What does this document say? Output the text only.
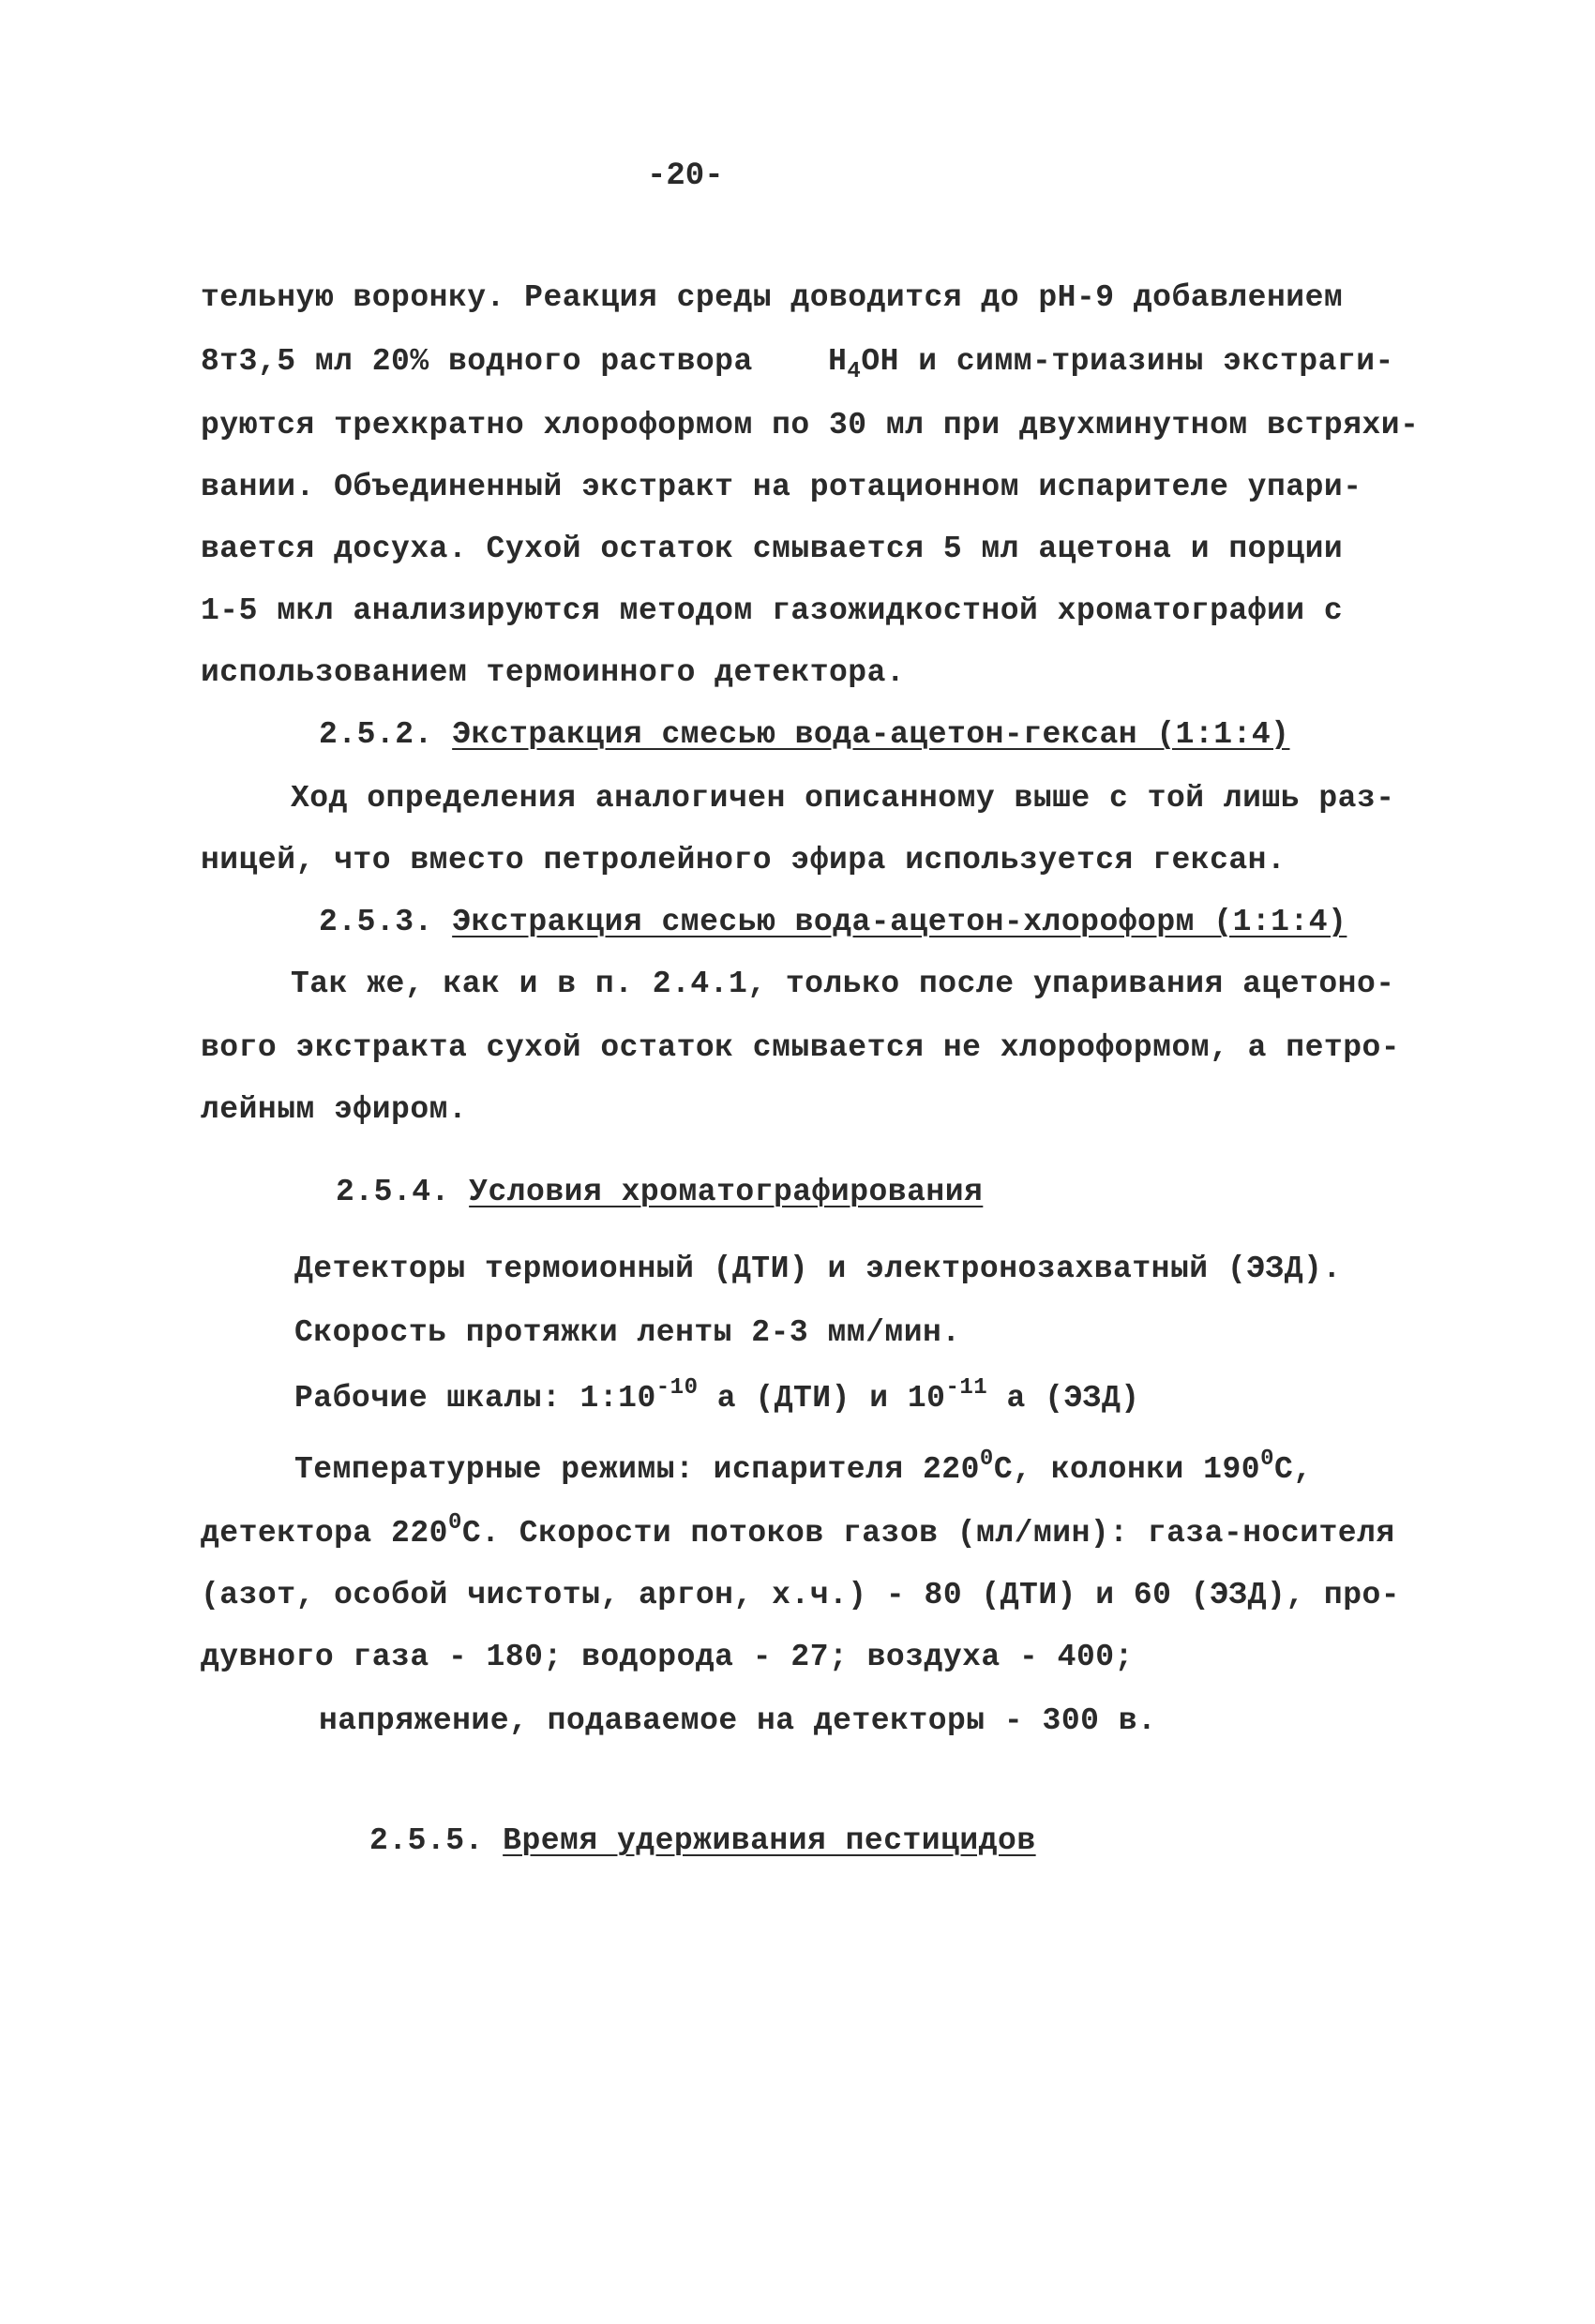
-20-
тельную воронку. Реакция среды доводится до pH-9 добавлением
8т3,5 мл 20% водного раствора $H_4OH$ и симм-триазины экстраги-
руются трехкратно хлороформом по 30 мл при двухминутном встряхи-
вании. Объединенный экстракт на ротационном испарителе упари-
вается досуха. Сухой остаток смывается 5 мл ацетона и порции
1-5 мкл анализируются методом газожидкостной хроматографии с
использованием термоинного детектора.
2.5.2. Экстракция смесью вода-ацетон-гексан (1:1:4)
Ход определения аналогичен описанному выше с той лишь раз-
ницей, что вместо петролейного эфира используется гексан.
2.5.3. Экстракция смесью вода-ацетон-хлороформ (1:1:4)
Так же, как и в п. 2.4.1, только после упаривания ацетоно-
вого экстракта сухой остаток смывается не хлороформом, а петро-
лейным эфиром.
2.5.4. Условия хроматографирования
Детекторы термоионный (ДТИ) и электронозахватный (ЭЗД).
Скорость протяжки ленты 2-3 мм/мин.
Рабочие шкалы: $1:10^{-10}$ а (ДТИ) и $10^{-11}$ а (ЭЗД)
Температурные режимы: испарителя $220^0С$, колонки $190^0С$,
детектора $220^0С$. Скорости потоков газов (мл/мин): газа-носителя
(азот, особой чистоты, аргон, х.ч.) - 80 (ДТИ) и 60 (ЭЗД), про-
дувного газа - 180; водорода - 27; воздуха - 400;
напряжение, подаваемое на детекторы - 300 в.
2.5.5. Время удерживания пестицидов
